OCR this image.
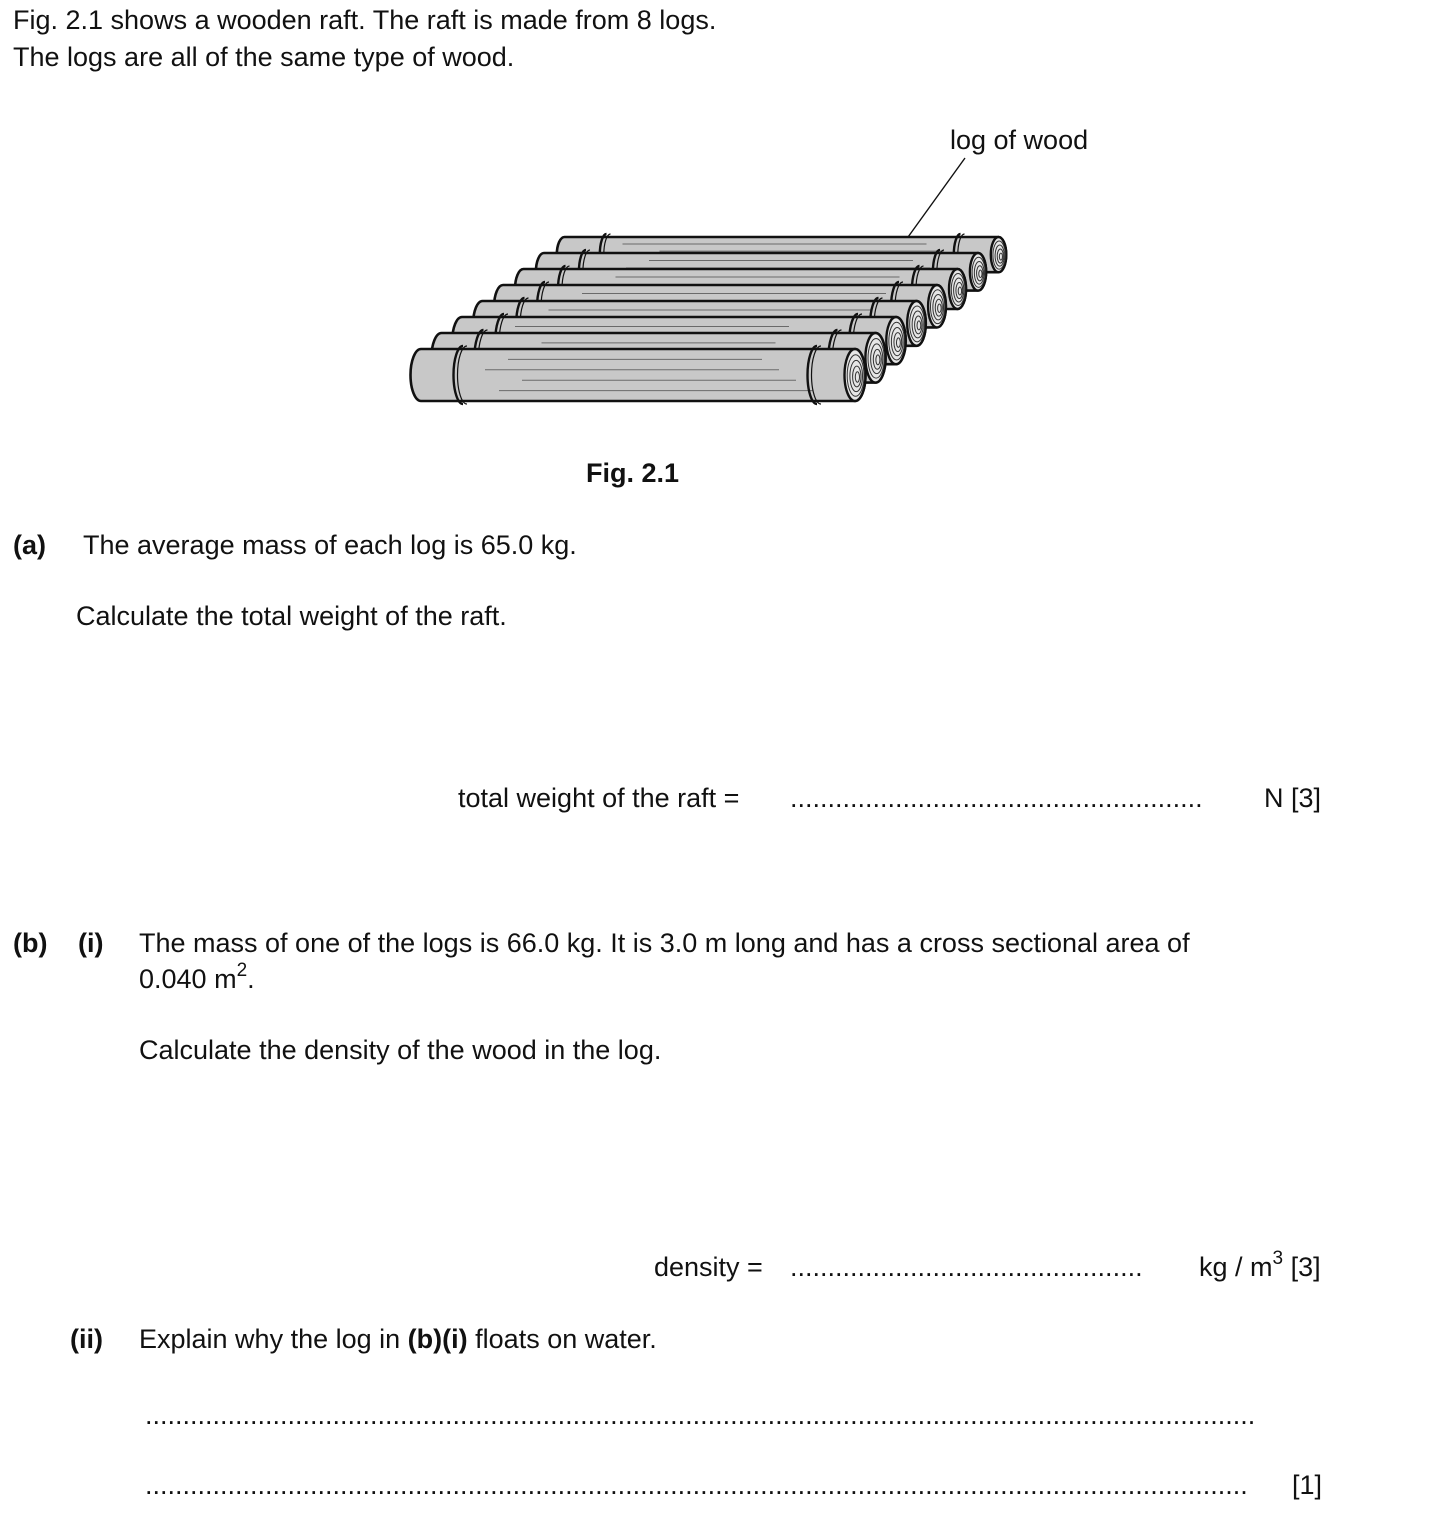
Fig. 2.1 shows a wooden raft. The raft is made from 8 logs.
The logs are all of the same type of wood.
log of wood
Fig. 2.1
(a) The average mass of each log is 65.0 kg.
Calculate the total weight of the raft.
total weight of the raft = .......................................................	N [3]
(b) (i) The mass of one of the logs is 66.0 kg. It is 3.0 m long and has a cross sectional area of
0.040 $m^2$.
Calculate the density of the wood in the log.
density = ...............................................	kg / $m^3$ [3]
(ii) Explain why the log in (b)(i) floats on water.
....................................................................................................................................................
...................................................................................................................................................	[1]
